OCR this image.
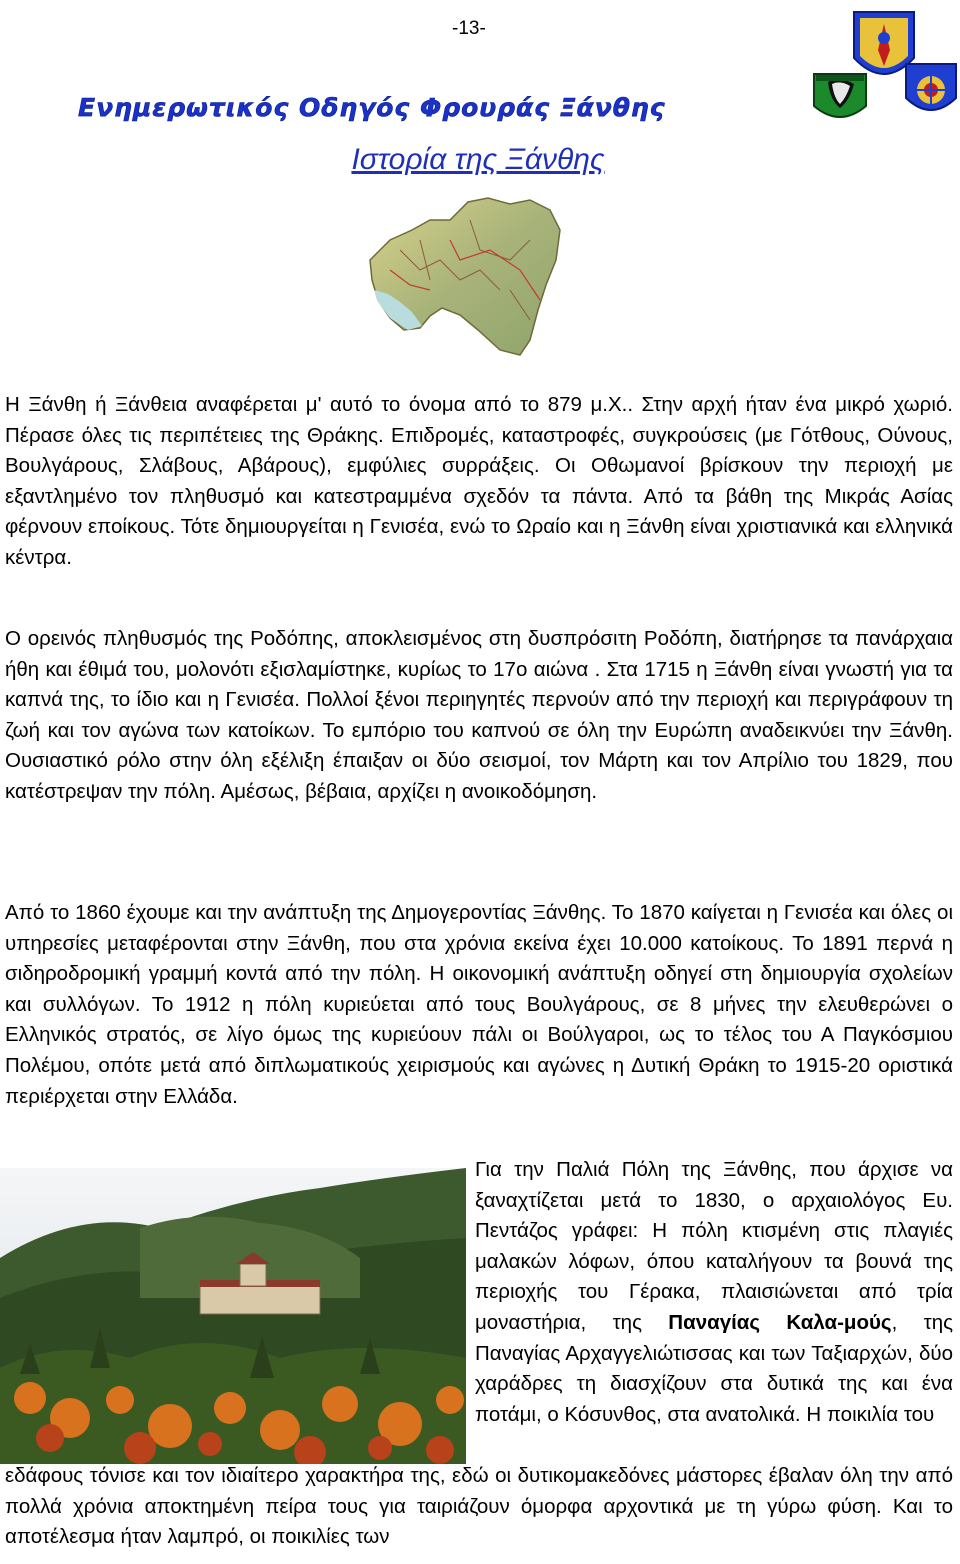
-13-
Ενημερωτικός Οδηγός Φρουράς Ξάνθης
Ιστορία της Ξάνθης

Η Ξάνθη ή Ξάνθεια αναφέρεται μ' αυτό το όνομα από το 879 μ.Χ.. Στην αρχή ήταν ένα μικρό χωριό. Πέρασε όλες τις περιπέτειες της Θράκης. Επιδρομές, καταστροφές, συγκρούσεις (με Γότθους, Ούνους, Βουλγάρους, Σλάβους, Αβάρους), εμφύλιες συρράξεις. Οι Οθωμανοί βρίσκουν την περιοχή με εξαντλημένο τον πληθυσμό και κατεστραμμένα σχεδόν τα πάντα. Από τα βάθη της Μικράς Ασίας φέρνουν εποίκους. Τότε δημιουργείται η Γενισέα, ενώ το Ωραίο και η Ξάνθη είναι χριστιανικά και ελληνικά κέντρα.

Ο ορεινός πληθυσμός της Ροδόπης, αποκλεισμένος στη δυσπρόσιτη Ροδόπη, διατήρησε τα πανάρχαια ήθη και έθιμά του, μολονότι εξισλαμίστηκε, κυρίως το 17ο αιώνα . Στα 1715 η Ξάνθη είναι γνωστή για τα καπνά της, το ίδιο και η Γενισέα. Πολλοί ξένοι περιηγητές περνούν από την περιοχή και περιγράφουν τη ζωή και τον αγώνα των κατοίκων. Το εμπόριο του καπνού σε όλη την Ευρώπη αναδεικνύει την Ξάνθη. Ουσιαστικό ρόλο στην όλη εξέλιξη έπαιξαν οι δύο σεισμοί, τον Μάρτη και τον Απρίλιο του 1829, που κατέστρεψαν την πόλη. Αμέσως, βέβαια, αρχίζει η ανοικοδόμηση.

Από το 1860 έχουμε και την ανάπτυξη της Δημογεροντίας Ξάνθης. Το 1870 καίγεται η Γενισέα και όλες οι υπηρεσίες μεταφέρονται στην Ξάνθη, που στα χρόνια εκείνα έχει 10.000 κατοίκους. Το 1891 περνά η σιδηροδρομική γραμμή κοντά από την πόλη. Η οικονομική ανάπτυξη οδηγεί στη δημιουργία σχολείων και συλλόγων. Το 1912 η πόλη κυριεύεται από τους Βουλγάρους, σε 8 μήνες την ελευθερώνει ο Ελληνικός στρατός, σε λίγο όμως της κυριεύουν πάλι οι Βούλγαροι, ως το τέλος του Α Παγκόσμιου Πολέμου, οπότε μετά από διπλωματικούς χειρισμούς και αγώνες η Δυτική Θράκη το 1915-20 οριστικά περιέρχεται στην Ελλάδα.

Για την Παλιά Πόλη της Ξάνθης, που άρχισε να ξαναχτίζεται μετά το 1830, ο αρχαιολόγος Ευ. Πεντάζος γράφει: Η πόλη κτισμένη στις πλαγιές μαλακών λόφων, όπου καταλήγουν τα βουνά της περιοχής του Γέρακα, πλαισιώνεται από τρία μοναστήρια, της Παναγίας Καλα-μούς, της Παναγίας Αρχαγγελιώτισσας και των Ταξιαρχών, δύο χαράδρες τη διασχίζουν στα δυτικά της και ένα ποτάμι, ο Κόσυνθος, στα ανατολικά. Η ποικιλία του

εδάφους τόνισε και τον ιδιαίτερο χαρακτήρα της, εδώ οι δυτικομακεδόνες μάστορες έβαλαν όλη την από πολλά χρόνια αποκτημένη πείρα τους για ταιριάζουν όμορφα αρχοντικά με τη γύρω φύση. Και το αποτέλεσμα ήταν λαμπρό, οι ποικιλίες των
